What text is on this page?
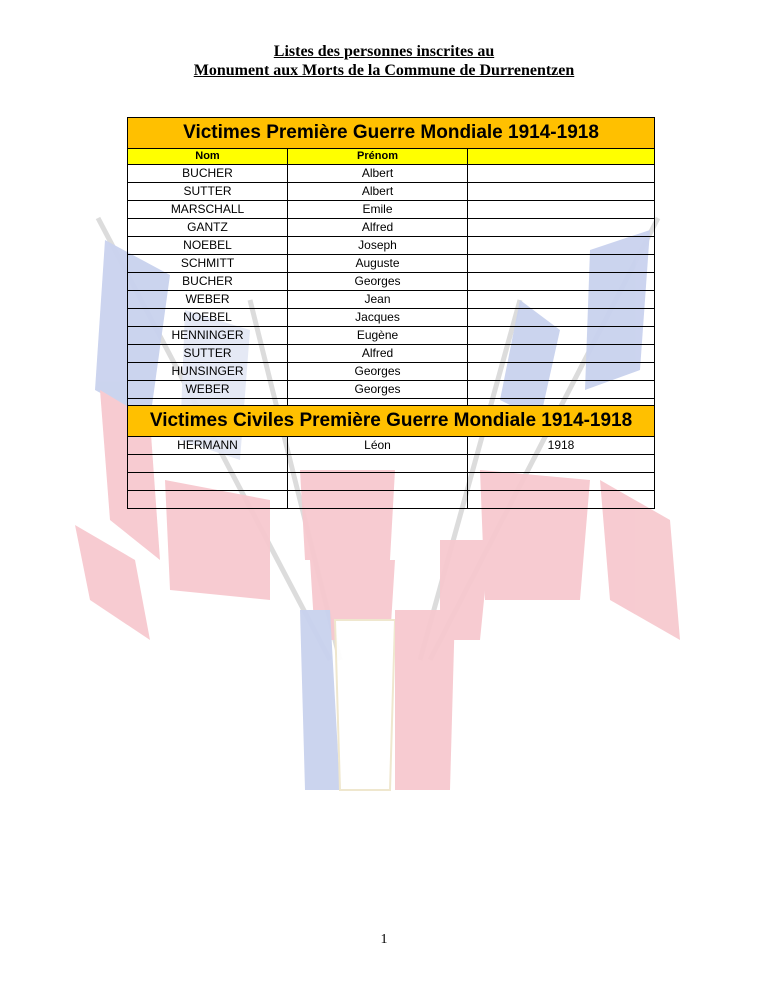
Listes des personnes inscrites au
Monument aux Morts de la Commune de Durrenentzen
Victimes Première Guerre Mondiale 1914-1918		
Nom	Prénom	
BUCHER	Albert	
SUTTER	Albert	
MARSCHALL	Emile	
GANTZ	Alfred	
NOEBEL	Joseph	
SCHMITT	Auguste	
BUCHER	Georges	
WEBER	Jean	
NOEBEL	Jacques	
HENNINGER	Eugène	
SUTTER	Alfred	
HUNSINGER	Georges	
WEBER	Georges	

Victimes Civiles Première Guerre Mondiale 1914-1918		
HERMANN	Léon	1918

1
